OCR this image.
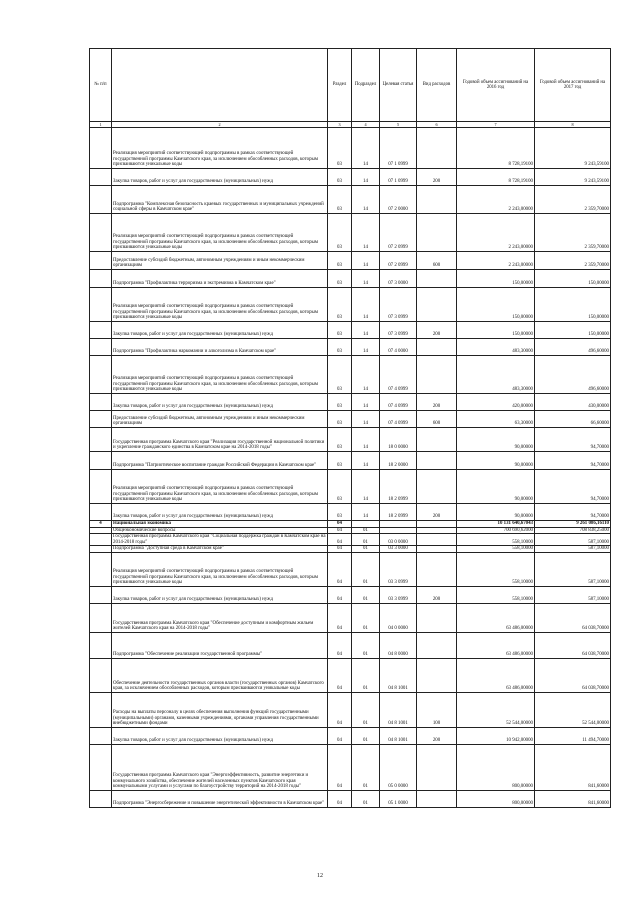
№ п/п		Раздел	Подраздел	Целевая статья	Вид расходов	Годовой объем ассигнований на 2016 год	Годовой объем ассигнований на 2017 год
1	2	3	4	5	6	7	8
	Реализация мероприятий соответствующей подпрограммы в рамках соответствующей государственной программы Камчатского края, за исключением обособленных расходов, которым присваиваются уникальные коды	03	14	07 1 0999		8 728,19100	9 243,59100
	Закупка товаров, работ и услуг для государственных (муниципальных) нужд	03	14	07 1 0999	200	8 728,19100	9 243,59100
	Подпрограмма "Комплексная безопасность краевых государственных и муниципальных учреждений социальной сферы в Камчатском крае"	03	14	07 2 0000		2 243,00000	2 359,70000
	Реализация мероприятий соответствующей подпрограммы в рамках соответствующей государственной программы Камчатского края, за исключением обособленных расходов, которым присваиваются уникальные коды	03	14	07 2 0999		2 243,00000	2 359,70000
	Предоставление субсидий бюджетным, автономным учреждениям и иным некоммерческим организациям	03	14	07 2 0999	600	2 243,00000	2 359,70000
	Подпрограмма "Профилактика терроризма и экстремизма в Камчатском крае"	03	14	07 3 0000		150,00000	150,00000
	Реализация мероприятий соответствующей подпрограммы в рамках соответствующей государственной программы Камчатского края, за исключением обособленных расходов, которым присваиваются уникальные коды	03	14	07 3 0999		150,00000	150,00000
	Закупка товаров, работ и услуг для государственных (муниципальных) нужд	03	14	07 3 0999	200	150,00000	150,00000
	Подпрограмма "Профилактика наркомании и алкоголизма в Камчатском крае"	03	14	07 4 0000		483,30000	496,60000
	Реализация мероприятий соответствующей подпрограммы в рамках соответствующей государственной программы Камчатского края, за исключением обособленных расходов, которым присваиваются уникальные коды	03	14	07 4 0999		483,30000	496,60000
	Закупка товаров, работ и услуг для государственных (муниципальных) нужд	03	14	07 4 0999	200	420,00000	430,00000
	Предоставление субсидий бюджетным, автономным учреждениям и иным некоммерческим организациям	03	14	07 4 0999	600	63,30000	66,60000
	Государственная программа Камчатского края "Реализация государственной национальной политики и укрепление гражданского единства в Камчатском крае на 2014-2018 годы"	03	14	18 0 0000		90,00000	94,70000
	Подпрограмма "Патриотическое воспитание граждан Российской Федерации в Камчатском крае"	03	14	18 2 0000		90,00000	94,70000
	Реализация мероприятий соответствующей подпрограммы в рамках соответствующей государственной программы Камчатского края, за исключением обособленных расходов, которым присваиваются уникальные коды	03	14	18 2 0999		90,00000	94,70000
	Закупка товаров, работ и услуг для государственных (муниципальных) нужд	03	14	18 2 0999	200	90,00000	94,70000
4	Национальная экономика	04				10 131 640,67043	9 261 086,16110
	Общеэкономические вопросы	04	01			700 690,62000	708 838,25000
	Государственная программа Камчатского края "Социальная поддержка граждан в Камчатском крае на 2014-2018 годы"	04	01	03 0 0000		558,10000	587,10000
	Подпрограмма "Доступная среда в Камчатском крае"	04	01	03 3 0000		558,10000	587,10000
	Реализация мероприятий соответствующей подпрограммы в рамках соответствующей государственной программы Камчатского края, за исключением обособленных расходов, которым присваиваются уникальные коды	04	01	03 3 0999		558,10000	587,10000
	Закупка товаров, работ и услуг для государственных (муниципальных) нужд	04	01	03 3 0999	200	558,10000	587,10000
	Государственная программа Камчатского края "Обеспечение доступным и комфортным жильем жителей Камчатского края на 2014-2018 годы"	04	01	04 0 0000		63 486,00000	64 038,70000
	Подпрограмма "Обеспечение реализации государственной программы"	04	01	04 8 0000		63 486,00000	64 038,70000
	Обеспечение деятельности государственных органов власти (государственных органов) Камчатского края, за исключением обособленных расходов, которым присваиваются уникальные коды	04	01	04 8 1001		63 486,00000	64 038,70000
	Расходы на выплаты персоналу в целях обеспечения выполнения функций государственными (муниципальными) органами, казенными учреждениями, органами управления государственными внебюджетными фондами	04	01	04 8 1001	100	52 544,00000	52 544,00000
	Закупка товаров, работ и услуг для государственных (муниципальных) нужд	04	01	04 8 1001	200	10 942,00000	11 494,70000
	Государственная программа Камчатского края "Энергоэффективность, развитие энергетики и коммунального хозяйства, обеспечение жителей населенных пунктов Камчатского края коммунальными услугами и услугами по благоустройству территорий на 2014-2018 годы"	04	01	05 0 0000		800,00000	841,60000
	Подпрограмма "Энергосбережение и повышение энергетической эффективности в Камчатском крае"	04	01	05 1 0000		800,00000	841,60000
12
